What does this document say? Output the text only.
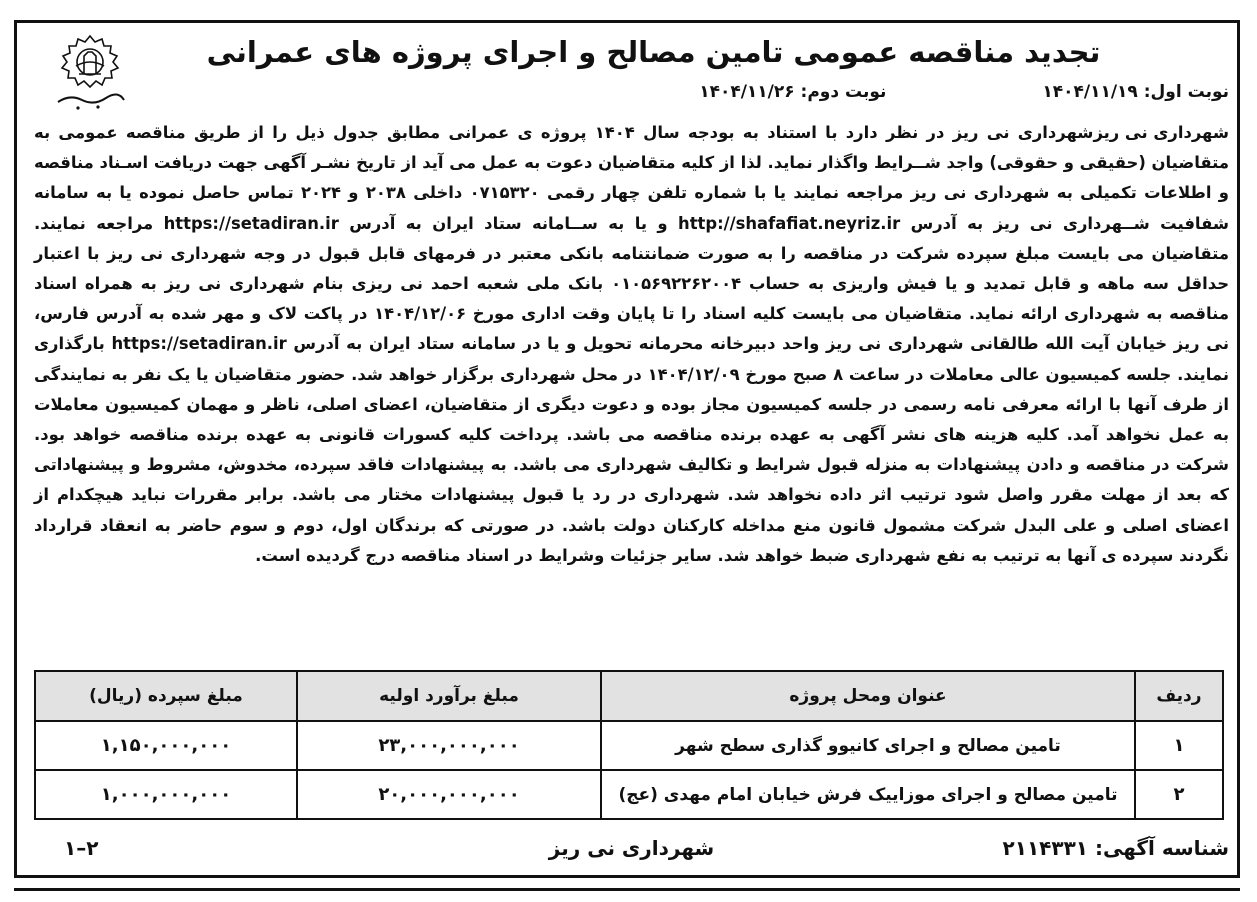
تجدید مناقصه عمومی تامین مصالح و اجرای پروژه های عمرانی
نوبت اول: ۱۴۰۴/۱۱/۱۹ نوبت دوم: ۱۴۰۴/۱۱/۲۶

شهرداری نی ریز
شهرداری نی ریز در نظر دارد با استناد به بودجه سال ۱۴۰۴ پروژه ی عمرانی مطابق جدول ذیل را از طریق مناقصه عمومی به متقاضیان (حقیقی و حقوقی) واجد شــرایط واگذار نماید. لذا از کلیه متقاضیان دعوت به عمل می آید از تاریخ نشـر آگهی جهت دریافت اسـناد مناقصه و اطلاعات تکمیلی به شهرداری نی ریز مراجعه نمایند یا با شماره تلفن چهار رقمی ۰۷۱۵۳۲۰ داخلی ۲۰۳۸ و ۲۰۲۴ تماس حاصل نموده یا به سامانه شفافیت شــهرداری نی ریز به آدرس http://shafafiat.neyriz.ir و یا به ســامانه ستاد ایران به آدرس https://setadiran.ir مراجعه نمایند. متقاضیان می بایست مبلغ سپرده شرکت در مناقصه را به صورت ضمانتنامه بانکی معتبر در فرمهای قابل قبول در وجه شهرداری نی ریز با اعتبار حداقل سه ماهه و قابل تمدید و یا فیش واریزی به حساب ۰۱۰۵۶۹۲۲۶۲۰۰۴ بانک ملی شعبه احمد نی ریزی بنام شهرداری نی ریز به همراه اسناد مناقصه به شهرداری ارائه نماید. متقاضیان می بایست کلیه اسناد را تا پایان وقت اداری مورخ ۱۴۰۴/۱۲/۰۶ در پاکت لاک و مهر شده به آدرس فارس، نی ریز خیابان آیت الله طالقانی شهرداری نی ریز واحد دبیرخانه محرمانه تحویل و یا در سامانه ستاد ایران به آدرس https://setadiran.ir بارگذاری نمایند. جلسه کمیسیون عالی معاملات در ساعت ۸ صبح مورخ ۱۴۰۴/۱۲/۰۹ در محل شهرداری برگزار خواهد شد. حضور متقاضیان یا یک نفر به نمایندگی از طرف آنها با ارائه معرفی نامه رسمی در جلسه کمیسیون مجاز بوده و دعوت دیگری از متقاضیان، اعضای اصلی، ناظر و مهمان کمیسیون معاملات به عمل نخواهد آمد. کلیه هزینه های نشر آگهی به عهده برنده مناقصه می باشد. پرداخت کلیه کسورات قانونی به عهده برنده مناقصه خواهد بود. شرکت در مناقصه و دادن پیشنهادات به منزله قبول شرایط و تکالیف شهرداری می باشد. به پیشنهادات فاقد سپرده، مخدوش، مشروط و پیشنهاداتی که بعد از مهلت مقرر واصل شود ترتیب اثر داده نخواهد شد. شهرداری در رد یا قبول پیشنهادات مختار می باشد. برابر مقررات نباید هیچکدام از اعضای اصلی و علی البدل شرکت مشمول قانون منع مداخله کارکنان دولت باشد. در صورتی که برندگان اول، دوم و سوم حاضر به انعقاد قرارداد نگردند سپرده ی آنها به ترتیب به نفع شهرداری ضبط خواهد شد. سایر جزئیات وشرایط در اسناد مناقصه درج گردیده است.

ردیف	عنوان ومحل پروژه	مبلغ برآورد اولیه	مبلغ سپرده (ریال)
۱	تامین مصالح و اجرای کانیوو گذاری سطح شهر	۲۳,۰۰۰,۰۰۰,۰۰۰	۱,۱۵۰,۰۰۰,۰۰۰
۲	تامین مصالح و اجرای موزاییک فرش خیابان امام مهدی (عج)	۲۰,۰۰۰,۰۰۰,۰۰۰	۱,۰۰۰,۰۰۰,۰۰۰
شناسه آگهی: ۲۱۱۴۳۳۱
شهرداری نی ریز
۲–۱
